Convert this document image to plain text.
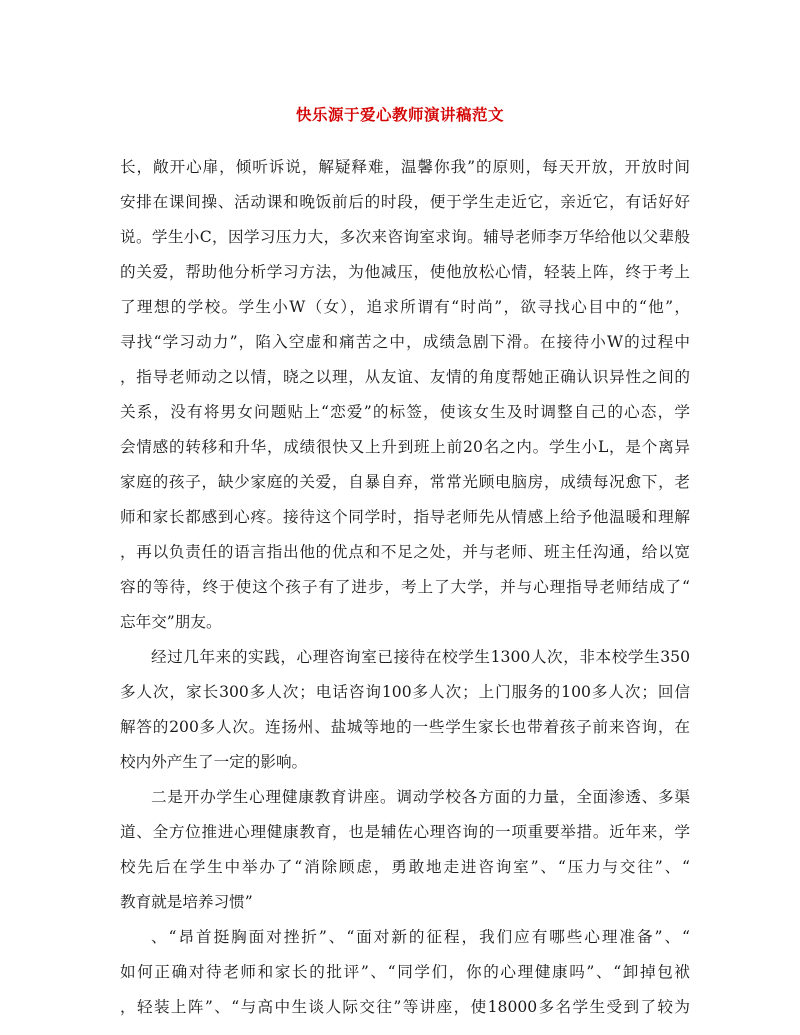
快乐源于爱心教师演讲稿范文
长，敞开心扉，倾听诉说，解疑释难，温馨你我”的原则，每天开放，开放时间
安排在课间操、活动课和晚饭前后的时段，便于学生走近它，亲近它，有话好好
说。学生小C，因学习压力大，多次来咨询室求询。辅导老师李万华给他以父辈般
的关爱，帮助他分析学习方法，为他减压，使他放松心情，轻装上阵，终于考上
了理想的学校。学生小W（女），追求所谓有“时尚”，欲寻找心目中的“他”，
寻找“学习动力”，陷入空虚和痛苦之中，成绩急剧下滑。在接待小W的过程中
，指导老师动之以情，晓之以理，从友谊、友情的角度帮她正确认识异性之间的
关系，没有将男女问题贴上“恋爱”的标签，使该女生及时调整自己的心态，学
会情感的转移和升华，成绩很快又上升到班上前20名之内。学生小L，是个离异
家庭的孩子，缺少家庭的关爱，自暴自弃，常常光顾电脑房，成绩每况愈下，老
师和家长都感到心疼。接待这个同学时，指导老师先从情感上给予他温暖和理解
，再以负责任的语言指出他的优点和不足之处，并与老师、班主任沟通，给以宽
容的等待，终于使这个孩子有了进步，考上了大学，并与心理指导老师结成了“
忘年交”朋友。
经过几年来的实践，心理咨询室已接待在校学生1300人次，非本校学生350
多人次，家长300多人次；电话咨询100多人次；上门服务的100多人次；回信
解答的200多人次。连扬州、盐城等地的一些学生家长也带着孩子前来咨询，在
校内外产生了一定的影响。
二是开办学生心理健康教育讲座。调动学校各方面的力量，全面渗透、多渠
道、全方位推进心理健康教育，也是辅佐心理咨询的一项重要举措。近年来，学
校先后在学生中举办了“消除顾虑，勇敢地走进咨询室”、“压力与交往”、“
教育就是培养习惯”
、“昂首挺胸面对挫折”、“面对新的征程，我们应有哪些心理准备”、“
如何正确对待老师和家长的批评”、“同学们，你的心理健康吗”、“卸掉包袱
，轻装上阵”、“与高中生谈人际交往”等讲座，使18000多名学生受到了较为
